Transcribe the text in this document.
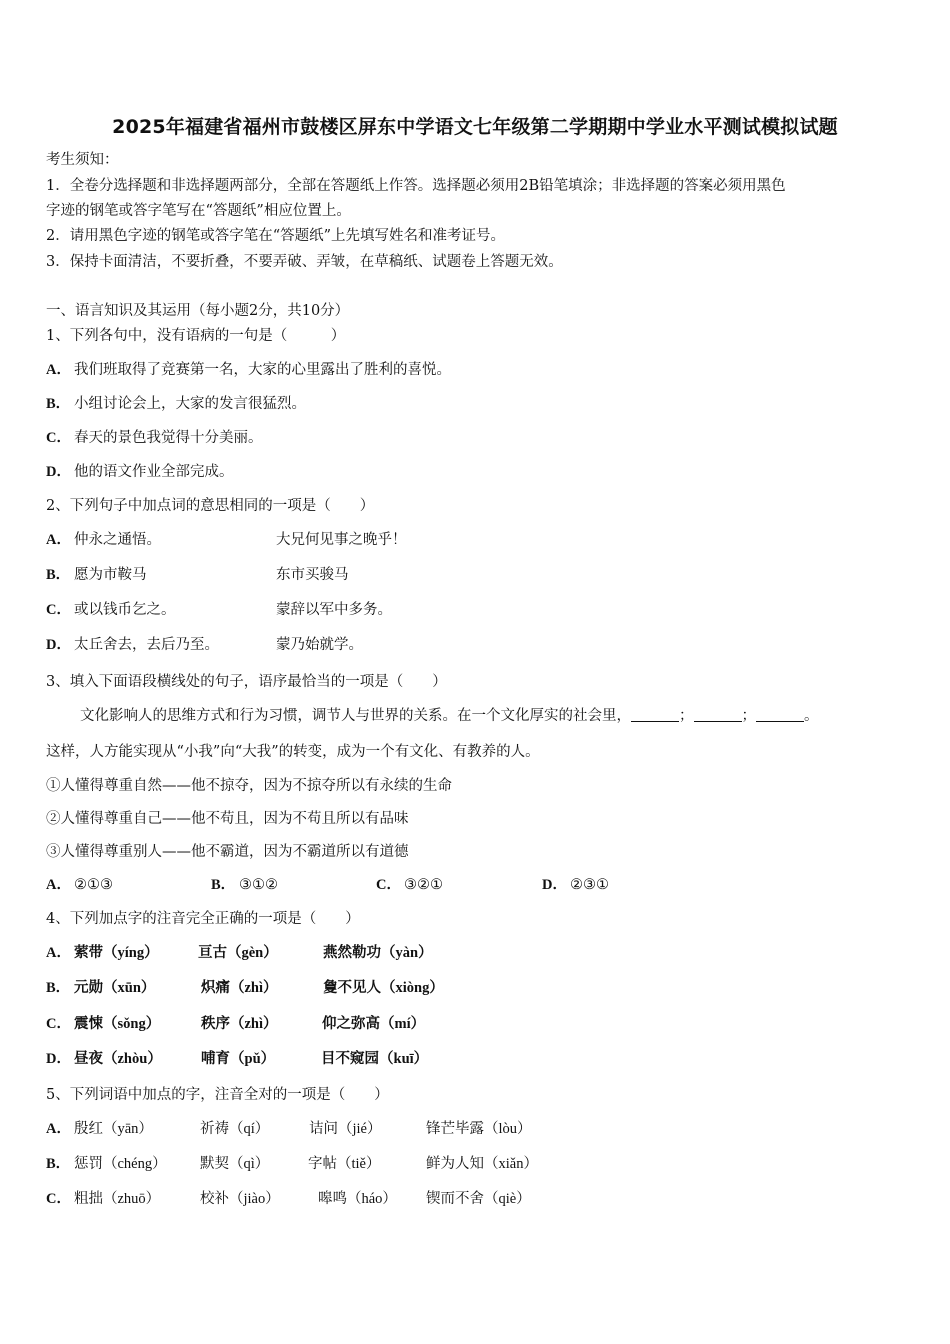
2025年福建省福州市鼓楼区屏东中学语文七年级第二学期期中学业水平测试模拟试题
考生须知：
1．全卷分选择题和非选择题两部分，全部在答题纸上作答。选择题必须用2B铅笔填涂；非选择题的答案必须用黑色
字迹的钢笔或答字笔写在“答题纸”相应位置上。
2．请用黑色字迹的钢笔或答字笔在“答题纸”上先填写姓名和准考证号。
3．保持卡面清洁，不要折叠，不要弄破、弄皱，在草稿纸、试题卷上答题无效。
一、语言知识及其运用（每小题2分，共10分）
1、下列各句中，没有语病的一句是（　　　）
A． 我们班取得了竞赛第一名，大家的心里露出了胜利的喜悦。
B． 小组讨论会上，大家的发言很猛烈。
C． 春天的景色我觉得十分美丽。
D． 他的语文作业全部完成。
2、下列句子中加点词的意思相同的一项是（　　）
A． 仲永之通悟。	大兄何见事之晚乎！
B． 愿为市鞍马	东市买骏马
C． 或以钱币乞之。	蒙辞以军中多务。
D． 太丘舍去，去后乃至。	蒙乃始就学。
3、填入下面语段横线处的句子，语序最恰当的一项是（　　）
文化影响人的思维方式和行为习惯，调节人与世界的关系。在一个文化厚实的社会里，	；	；	。
这样，人方能实现从“小我”向“大我”的转变，成为一个有文化、有教养的人。
①人懂得尊重自然——他不掠夺，因为不掠夺所以有永续的生命
②人懂得尊重自己——他不苟且，因为不苟且所以有品味
③人懂得尊重别人——他不霸道，因为不霸道所以有道德
A． ②①③	B． ③①②	C． ③②①	D． ②③①
4、下列加点字的注音完全正确的一项是（　　）
A． 萦带（yíng）	亘古（gèn）	燕然勒功（yàn）
B． 元勋（xūn）	炽痛（zhì）	敻不见人（xiòng）
C． 震悚（sǒng）	秩序（zhì）	仰之弥高（mí）
D． 昼夜（zhòu）	哺育（pǔ）	目不窥园（kuī）
5、下列词语中加点的字，注音全对的一项是（　　）
A． 殷红（yān）	祈祷（qí）	诘问（jié）	锋芒毕露（lòu）
B． 惩罚（chéng） 默契（qì）	字帖（tiě）	鲜为人知（xiǎn）
C． 粗拙（zhuō）	校补（jiào）	嗥鸣（háo） 锲而不舍（qiè）
